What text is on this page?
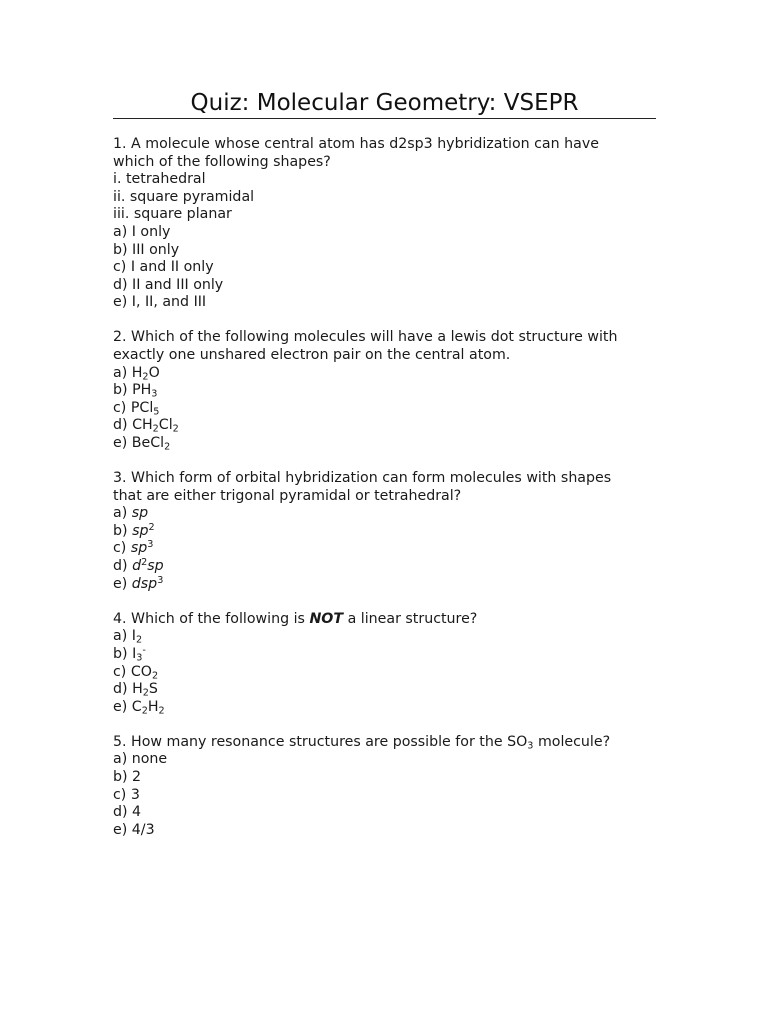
Quiz: Molecular Geometry: VSEPR
1. A molecule whose central atom has d2sp3 hybridization can have
which of the following shapes?
i. tetrahedral
ii. square pyramidal
iii. square planar
a) I only
b) III only
c) I and II only
d) II and III only
e) I, II, and III
2. Which of the following molecules will have a lewis dot structure with
exactly one unshared electron pair on the central atom.
a) $H_2O$
b) $PH_3$
c) PCl$_5$
d) $CH_2Cl_2$
e) BeCl$_2$
3. Which form of orbital hybridization can form molecules with shapes
that are either trigonal pyramidal or tetrahedral?
a) sp
b) $sp^2$
c) $sp^3$
d) $d^2sp$
e) dsp$^3$
4. Which of the following is NOT a linear structure?
a) $I_2$
b) $I_3^-$
c) $CO_2$
d) $H_2S$
e) $C_2H_2$
5. How many resonance structures are possible for the $SO_3$ molecule?
a) none
b) 2
c) 3
d) 4
e) 4/3
